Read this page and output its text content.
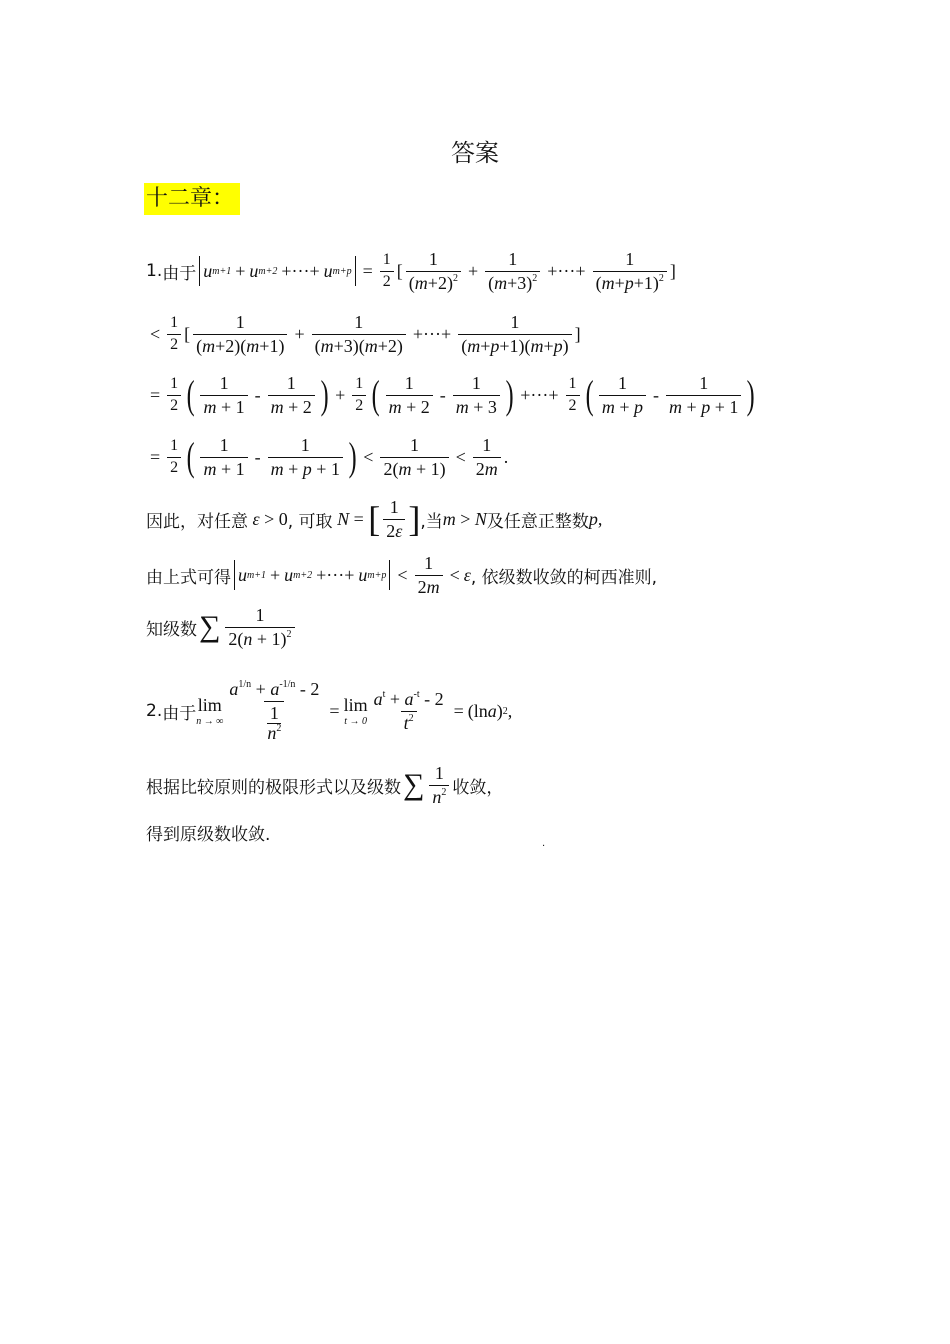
答案
十二章：
1. 由于 u m+1 + u m+2 +···+ u $m+p = \frac{1}{2}$ [ $\frac{1}{(m+2)^2} + \frac{1}{(m+3)^2}$ +···+ $\frac{1}{(m+p+1)^2}$ ]
< $\frac{1}{2}$ [ $\frac{1}{(m+2)(m+1)} + \frac{1}{(m+3)(m+2)}$ +···+ $\frac{1}{(m+p+1)(m+p)}$ ]
= $\frac{1}{2}$ ( $\frac{1}{m + 1} - \frac{1}{m + 2}$ ) + $\frac{1}{2}$ ( $\frac{1}{m + 2} - \frac{1}{m + 3}$ ) +···+ $\frac{1}{2}$ ( $\frac{1}{m + p} - \frac{1}{m + p + 1}$ )
= $\frac{1}{2}$ ( $\frac{1}{m + 1} - \frac{1}{m + p + 1}$ ) < $\frac{1}{2(m + 1)} < \frac{1}{2m}$ .
因此，对任意 ε > 0 , 可取 N = [ $\frac{1}{2\varepsilon}$ ] ,当 m > N 及任意正整数 p ,
由上式可得 u m+1 + u m+2 +···+ u $m+p < \frac{1}{2m} < \varepsilon$ , 依级数收敛的柯西准则,
知级数 ∑ $\frac{1}{2(n + 1)^2}$
2. 由于 lim
n → ∞ $a^{1/n} + a^{-1/n} - 2$
1
$n^2 = \lim$
$t \to 0 \frac{a^t + a^{-t} - 2}{t^2} = (\ln$ a ) 2 ,
根据比较原则的极限形式以及级数 ∑ $\frac{1}{n^2}$ 收敛，
得到原级数收敛.	.
